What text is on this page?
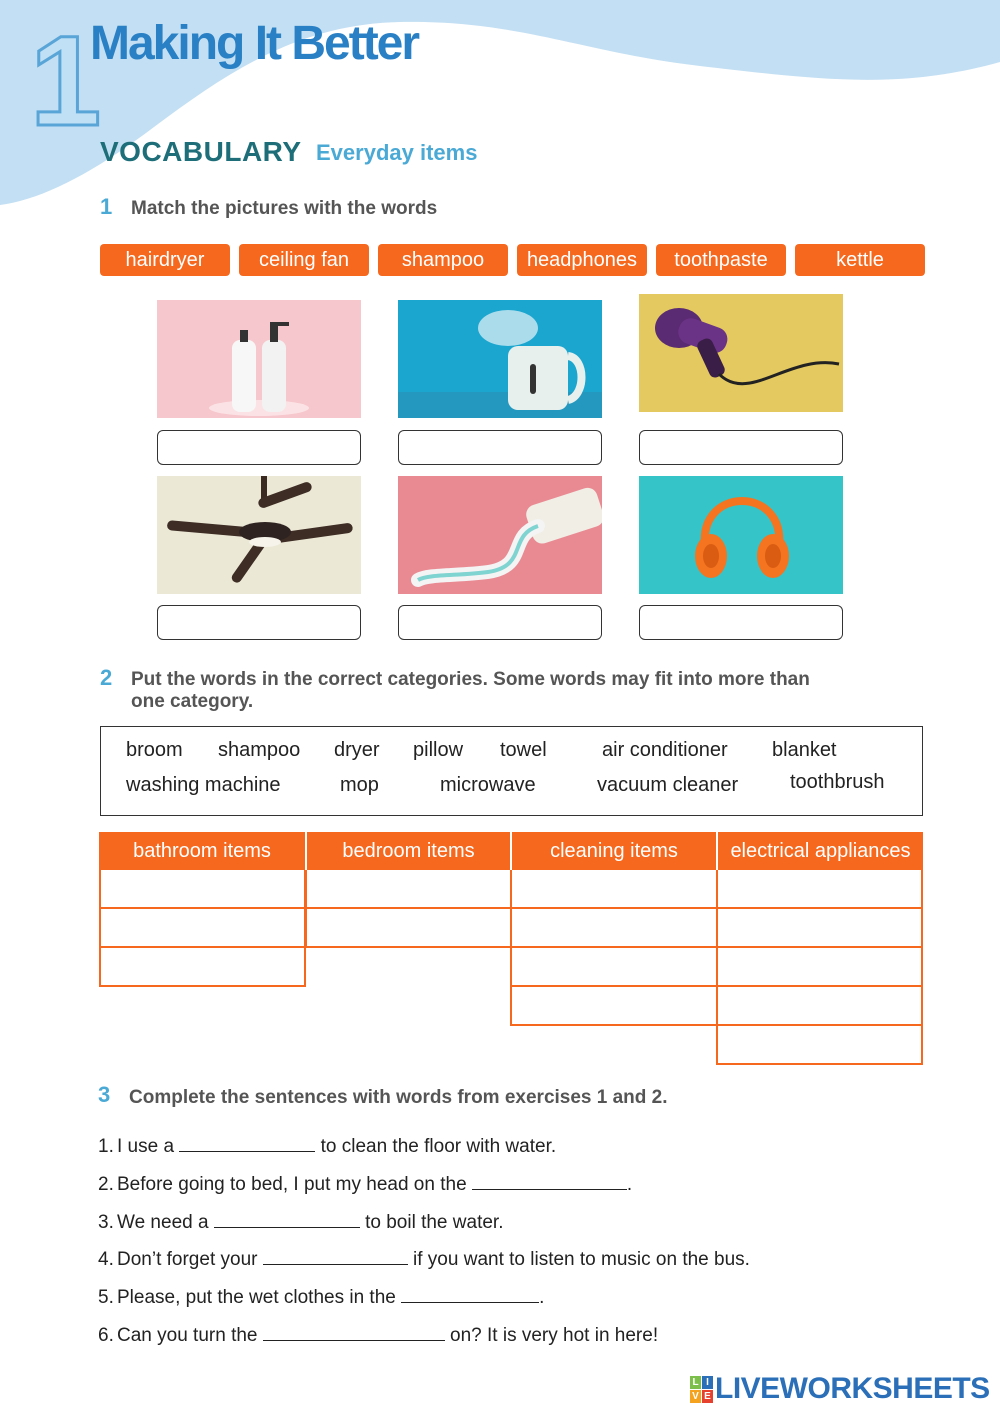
1
Making It Better
VOCABULARY Everyday items
1 Match the pictures with the words
hairdryer	ceiling fan	shampoo	headphones	toothpaste	kettle
2 Put the words in the correct categories. Some words may fit into more than
one category.
broom shampoo dryer pillow towel	air conditioner blanket
washing machine	mop	microwave	vacuum cleaner	toothbrush
bathroom items	bedroom items	cleaning items	electrical appliances
3 Complete the sentences with words from exercises 1 and 2.
1. I use a	to clean the floor with water.
2. Before going to bed, I put my head on the	.
3. We need a	to boil the water.
4. Don’t forget your	if you want to listen to music on the bus.
5. Please, put the wet clothes in the	.
6. Can you turn the	on? It is very hot in here!
L I
V E LIVEWORKSHEETS
